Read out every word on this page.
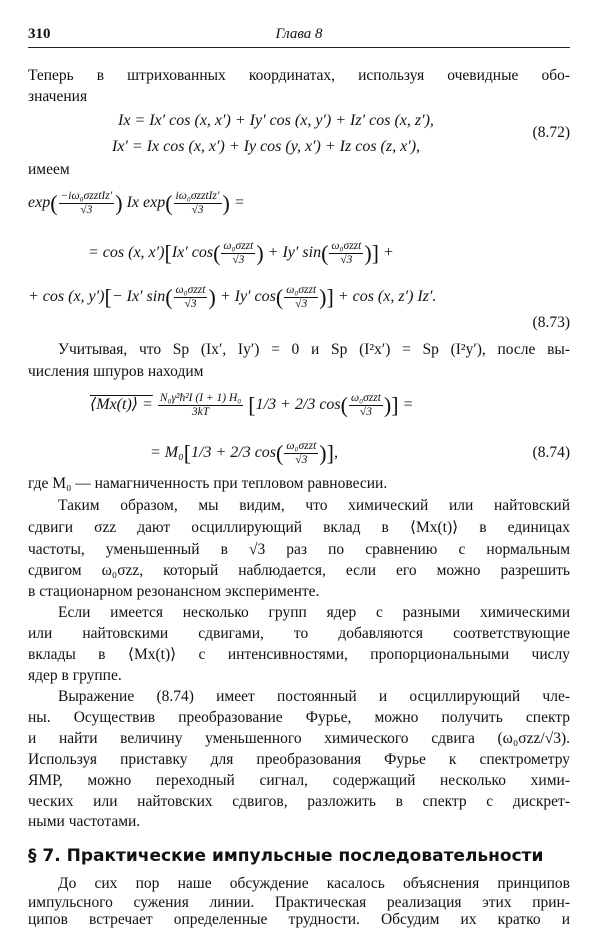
310	Глава 8
Теперь в штрихованных координатах, используя очевидные обо-
значения
Ix = Ix′ cos (x, x′) + Iy′ cos (x, y′) + Iz′ cos (x, z′),
Ix′ = Ix cos (x, x′) + Iy cos (y, x′) + Iz cos (z, x′),
(8.72)
имеем
$\exp( \frac{\text{−iω₀σzztIz′}}{√3}$ ) Ix $\exp( \frac{\text{iω₀σzztIz′}}{√3}$ ) =
= cos (x, x′)[Ix′ $\cos( \frac{\text{ω₀σzzt}}{√3}$ ) + Iy′ $\sin( \frac{\text{ω₀σzzt}}{√3}$ )] +
+ cos (x, y′)[− Ix′ $\sin( \frac{\text{ω₀σzzt}}{√3}$ ) + Iy′ $\cos( \frac{\text{ω₀σzzt}}{√3}$ )] + cos (x, z′) Iz′.
(8.73)
Учитывая, что Sp (Ix′, Iy′) = 0 и Sp (I²x′) = Sp (I²y′), после вы-
числения шпуров находим
⟨Mx(t)⟩ = $\frac{\text{N₀γ²ħ²I (I + 1) H₀}}{3kT} [1/3 + 2/3$ $\cos( \frac{\text{ω₀σzzt}}{√3}$ )] =
= M₀[1/3 + 2/3 $\cos( \frac{\text{ω₀σzzt}}{√3}$ )],	(8.74)
где M₀ — намагниченность при тепловом равновесии.
Таким образом, мы видим, что химический или найтовский
сдвиги σzz дают осциллирующий вклад в ⟨Mx(t)⟩ в единицах
частоты, уменьшенный в √3 раз по сравнению с нормальным
сдвигом ω₀σzz, который наблюдается, если его можно разрешить
в стационарном резонансном эксперименте.
Если имеется несколько групп ядер с разными химическими
или найтовскими сдвигами, то добавляются соответствующие
вклады в ⟨Mx(t)⟩ с интенсивностями, пропорциональными числу
ядер в группе.
Выражение (8.74) имеет постоянный и осциллирующий чле-
ны. Осуществив преобразование Фурье, можно получить спектр
и найти величину уменьшенного химического сдвига (ω₀σzz/√3).
Используя приставку для преобразования Фурье к спектрометру
ЯМР, можно переходный сигнал, содержащий несколько хими-
ческих или найтовских сдвигов, разложить в спектр с дискрет-
ными частотами.
§ 7. Практические импульсные последовательности
До сих пор наше обсуждение касалось объяснения принципов
импульсного сужения линии. Практическая реализация этих прин-
ципов встречает определенные трудности. Обсудим их кратко и
